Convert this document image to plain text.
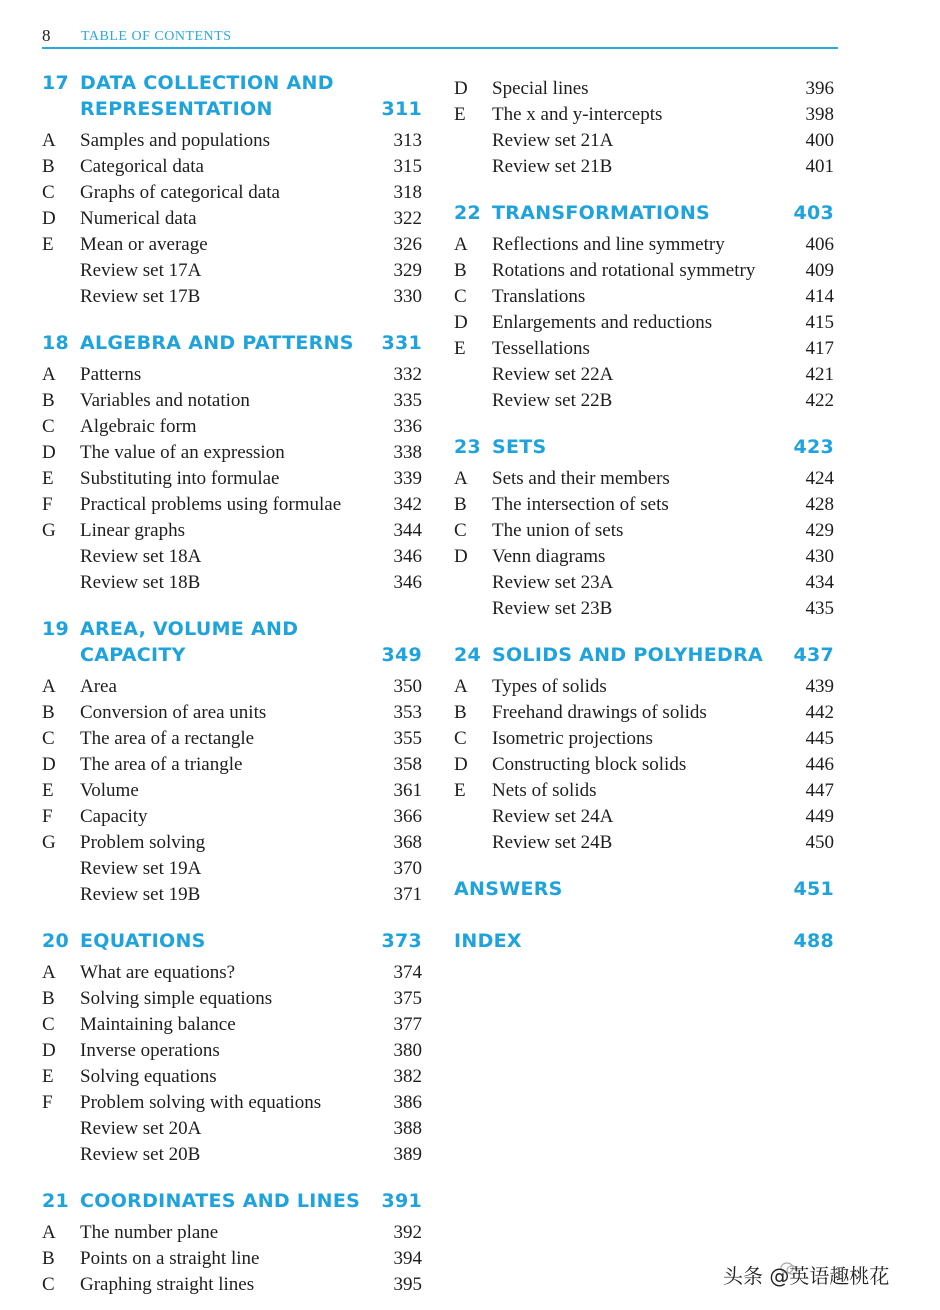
8 TABLE OF CONTENTS
17 DATA COLLECTION AND
REPRESENTATION	311
A Samples and populations	313
B Categorical data	315
C Graphs of categorical data	318
D Numerical data	322
E Mean or average	326
Review set 17A	329
Review set 17B	330
18 ALGEBRA AND PATTERNS 331
A Patterns	332
B Variables and notation	335
C Algebraic form	336
D The value of an expression	338
E Substituting into formulae	339
F Practical problems using formulae	342
G Linear graphs	344
Review set 18A	346
Review set 18B	346
19 AREA, VOLUME AND
CAPACITY	349
A Area	350
B Conversion of area units	353
C The area of a rectangle	355
D The area of a triangle	358
E Volume	361
F Capacity	366
G Problem solving	368
Review set 19A	370
Review set 19B	371
20 EQUATIONS	373
A What are equations?	374
B Solving simple equations	375
C Maintaining balance	377
D Inverse operations	380
E Solving equations	382
F Problem solving with equations	386
Review set 20A	388
Review set 20B	389
21 COORDINATES AND LINES 391
A The number plane	392
B Points on a straight line	394
C Graphing straight lines	395
D Special lines	396
E The x and y-intercepts	398
Review set 21A	400
Review set 21B	401
22 TRANSFORMATIONS	403
A Reflections and line symmetry	406
B Rotations and rotational symmetry	409
C Translations	414
D Enlargements and reductions	415
E Tessellations	417
Review set 22A	421
Review set 22B	422
23 SETS	423
A Sets and their members	424
B The intersection of sets	428
C The union of sets	429
D Venn diagrams	430
Review set 23A	434
Review set 23B	435
24 SOLIDS AND POLYHEDRA 437
A Types of solids	439
B Freehand drawings of solids	442
C Isometric projections	445
D Constructing block solids	446
E Nets of solids	447
Review set 24A	449
Review set 24B	450
ANSWERS	451
INDEX	488
头条 @英语趣桃花
